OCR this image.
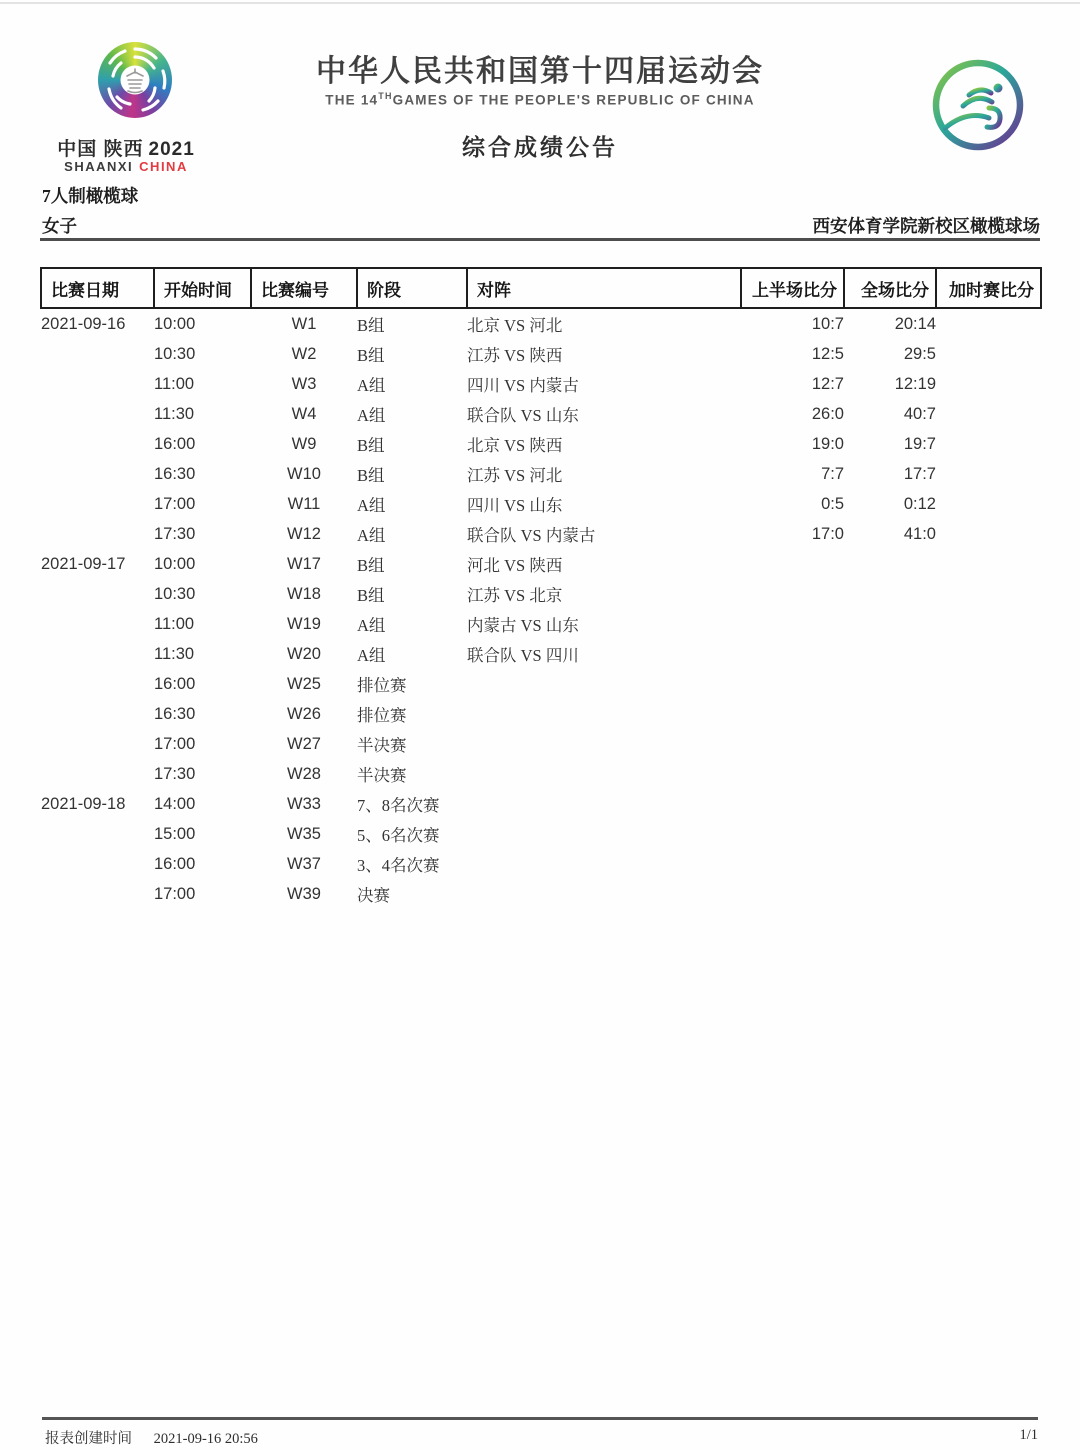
中国 陕西 2021
SHAANXI CHINA
中华人民共和国第十四届运动会
THE 14THGAMES OF THE PEOPLE'S REPUBLIC OF CHINA
综合成绩公告
7人制橄榄球
女子	西安体育学院新校区橄榄球场
比赛日期	开始时间	比赛编号	阶段	对阵	上半场比分	全场比分	加时赛比分
2021-09-16	10:00	W1	B组	北京 VS 河北	10:7	20:14	
	10:30	W2	B组	江苏 VS 陕西	12:5	29:5	
	11:00	W3	A组	四川 VS 内蒙古	12:7	12:19	
	11:30	W4	A组	联合队 VS 山东	26:0	40:7	
	16:00	W9	B组	北京 VS 陕西	19:0	19:7	
	16:30	W10	B组	江苏 VS 河北	7:7	17:7	
	17:00	W11	A组	四川 VS 山东	0:5	0:12	
	17:30	W12	A组	联合队 VS 内蒙古	17:0	41:0	
2021-09-17	10:00	W17	B组	河北 VS 陕西			
	10:30	W18	B组	江苏 VS 北京			
	11:00	W19	A组	内蒙古 VS 山东			
	11:30	W20	A组	联合队 VS 四川			
	16:00	W25	排位赛				
	16:30	W26	排位赛				
	17:00	W27	半决赛				
	17:30	W28	半决赛				
2021-09-18	14:00	W33	7、8名次赛				
	15:00	W35	5、6名次赛				
	16:00	W37	3、4名次赛				
	17:00	W39	决赛				
报表创建时间 2021-09-16 20:56	1/1
